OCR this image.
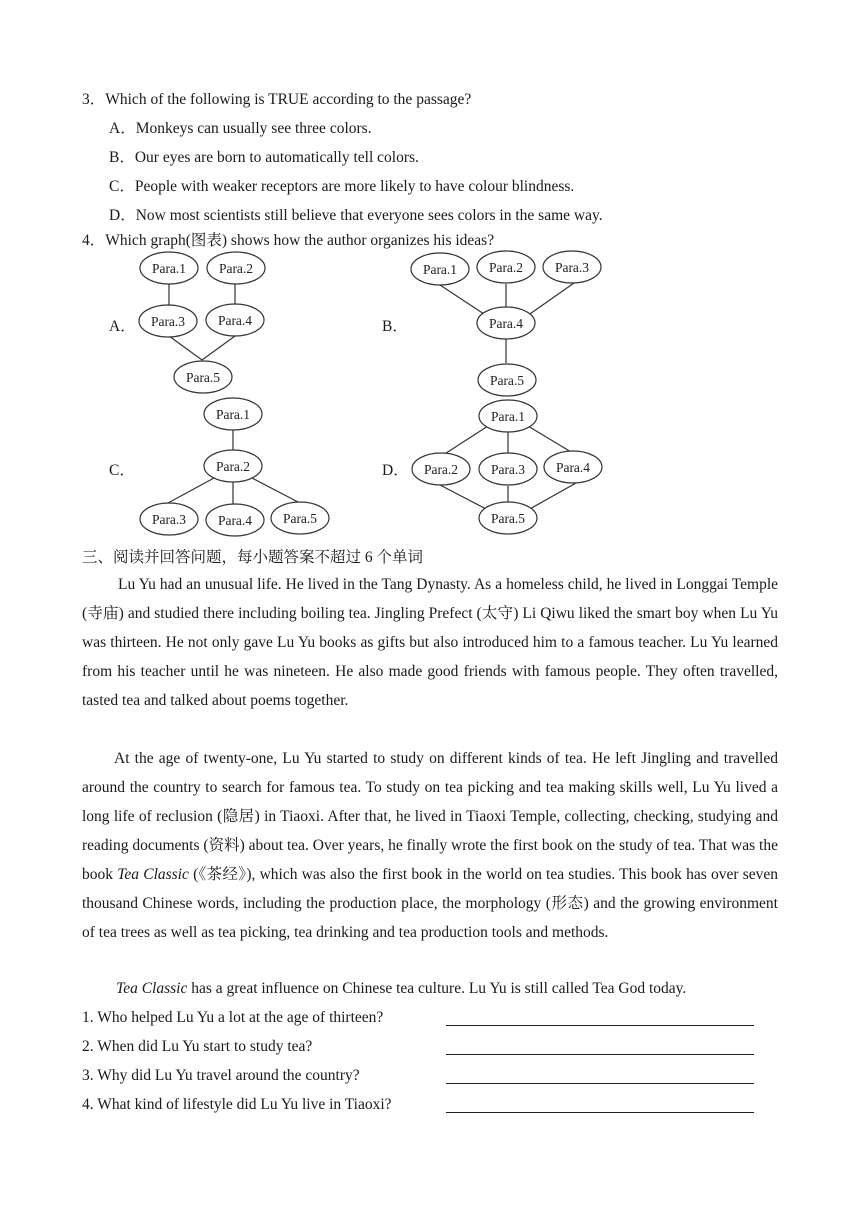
3．Which of the following is TRUE according to the passage?
A．Monkeys can usually see three colors.
B．Our eyes are born to automatically tell colors.
C．People with weaker receptors are more likely to have colour blindness.
D．Now most scientists still believe that everyone sees colors in the same way.
4．Which graph(图表) shows how the author organizes his ideas?
A．	B．
C．	D．
Para.1 Para.2
Para.3 Para.4
Para.5
Para.1 Para.2 Para.3
Para.4
Para.5
Para.1
Para.2
Para.3 Para.4 Para.5
Para.1
Para.2 Para.3 Para.4
Para.5
三、阅读并回答问题，每小题答案不超过 6 个单词
Lu Yu had an unusual life. He lived in the Tang Dynasty. As a homeless child, he lived in Longgai Temple (寺庙) and studied there including boiling tea. Jingling Prefect (太守) Li Qiwu liked the smart boy when Lu Yu was thirteen. He not only gave Lu Yu books as gifts but also introduced him to a famous teacher. Lu Yu learned from his teacher until he was nineteen. He also made good friends with famous people. They often travelled, tasted tea and talked about poems together.
At the age of twenty-one, Lu Yu started to study on different kinds of tea. He left Jingling and travelled around the country to search for famous tea. To study on tea picking and tea making skills well, Lu Yu lived a long life of reclusion (隐居) in Tiaoxi. After that, he lived in Tiaoxi Temple, collecting, checking, studying and reading documents (资料) about tea. Over years, he finally wrote the first book on the study of tea. That was the book Tea Classic (《茶经》), which was also the first book in the world on tea studies. This book has over seven thousand Chinese words, including the production place, the morphology (形态) and the growing environment of tea trees as well as tea picking, tea drinking and tea production tools and methods.
Tea Classic has a great influence on Chinese tea culture. Lu Yu is still called Tea God today.
1. Who helped Lu Yu a lot at the age of thirteen?
2. When did Lu Yu start to study tea?
3. Why did Lu Yu travel around the country?
4. What kind of lifestyle did Lu Yu live in Tiaoxi?
